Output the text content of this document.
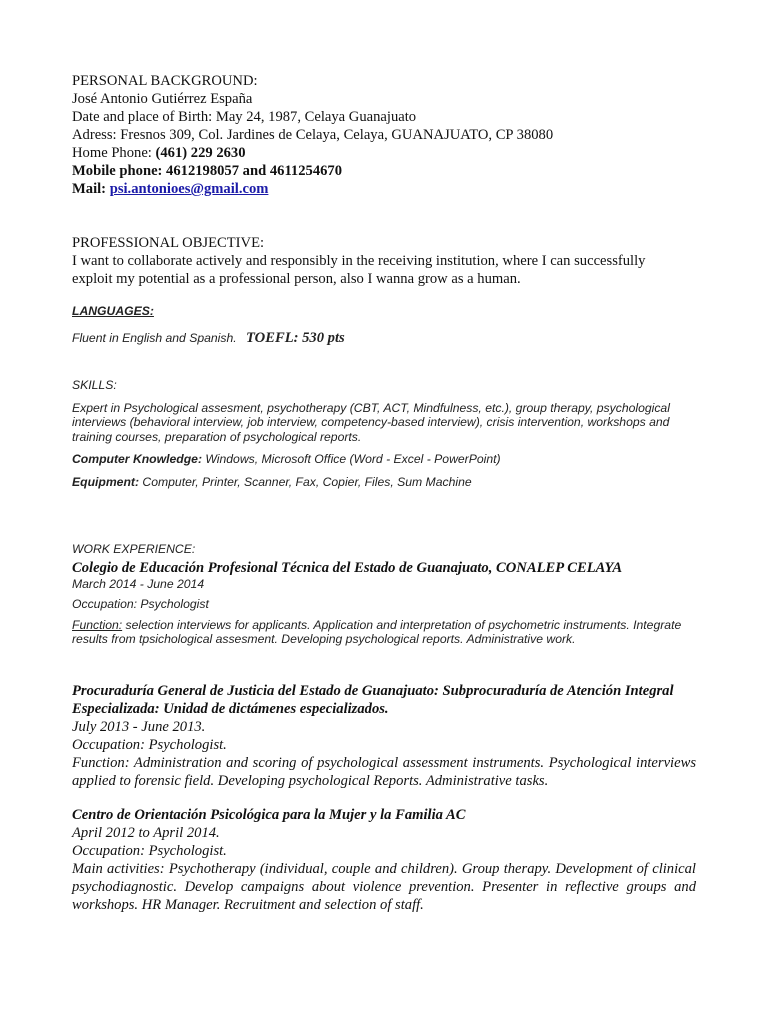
PERSONAL BACKGROUND:

José Antonio Gutiérrez España

Date and place of Birth: May 24, 1987, Celaya Guanajuato

Adress: Fresnos 309, Col. Jardines de Celaya, Celaya, GUANAJUATO, CP 38080

Home Phone: (461) 229 2630

Mobile phone: 4612198057 and 4611254670

Mail: psi.antonioes@gmail.com

PROFESSIONAL OBJECTIVE:

I want to collaborate actively and responsibly in the receiving institution, where I can successfully

exploit my potential as a professional person, also I wanna grow as a human.

LANGUAGES:

Fluent in English and Spanish. TOEFL: 530 pts

SKILLS:

Expert in Psychological assesment, psychotherapy (CBT, ACT, Mindfulness, etc.), group therapy, psychological interviews (behavioral interview, job interview, competency-based interview), crisis intervention, workshops and training courses, preparation of psychological reports.

Computer Knowledge: Windows, Microsoft Office (Word - Excel - PowerPoint)

Equipment: Computer, Printer, Scanner, Fax, Copier, Files, Sum Machine

WORK EXPERIENCE:

Colegio de Educación Profesional Técnica del Estado de Guanajuato, CONALEP CELAYA

March 2014 - June 2014

Occupation: Psychologist

Function: selection interviews for applicants. Application and interpretation of psychometric instruments. Integrate results from tpsichological assesment. Developing psychological reports. Administrative work.

Procuraduría General de Justicia del Estado de Guanajuato: Subprocuraduría de Atención Integral Especializada: Unidad de dictámenes especializados.

July 2013 - June 2013.

Occupation: Psychologist.

Function: Administration and scoring of psychological assessment instruments. Psychological interviews applied to forensic field. Developing psychological Reports. Administrative tasks.

Centro de Orientación Psicológica para la Mujer y la Familia AC

April 2012 to April 2014.

Occupation: Psychologist.

Main activities: Psychotherapy (individual, couple and children). Group therapy. Development of clinical psychodiagnostic. Develop campaigns about violence prevention. Presenter in reflective groups and workshops. HR Manager. Recruitment and selection of staff.
